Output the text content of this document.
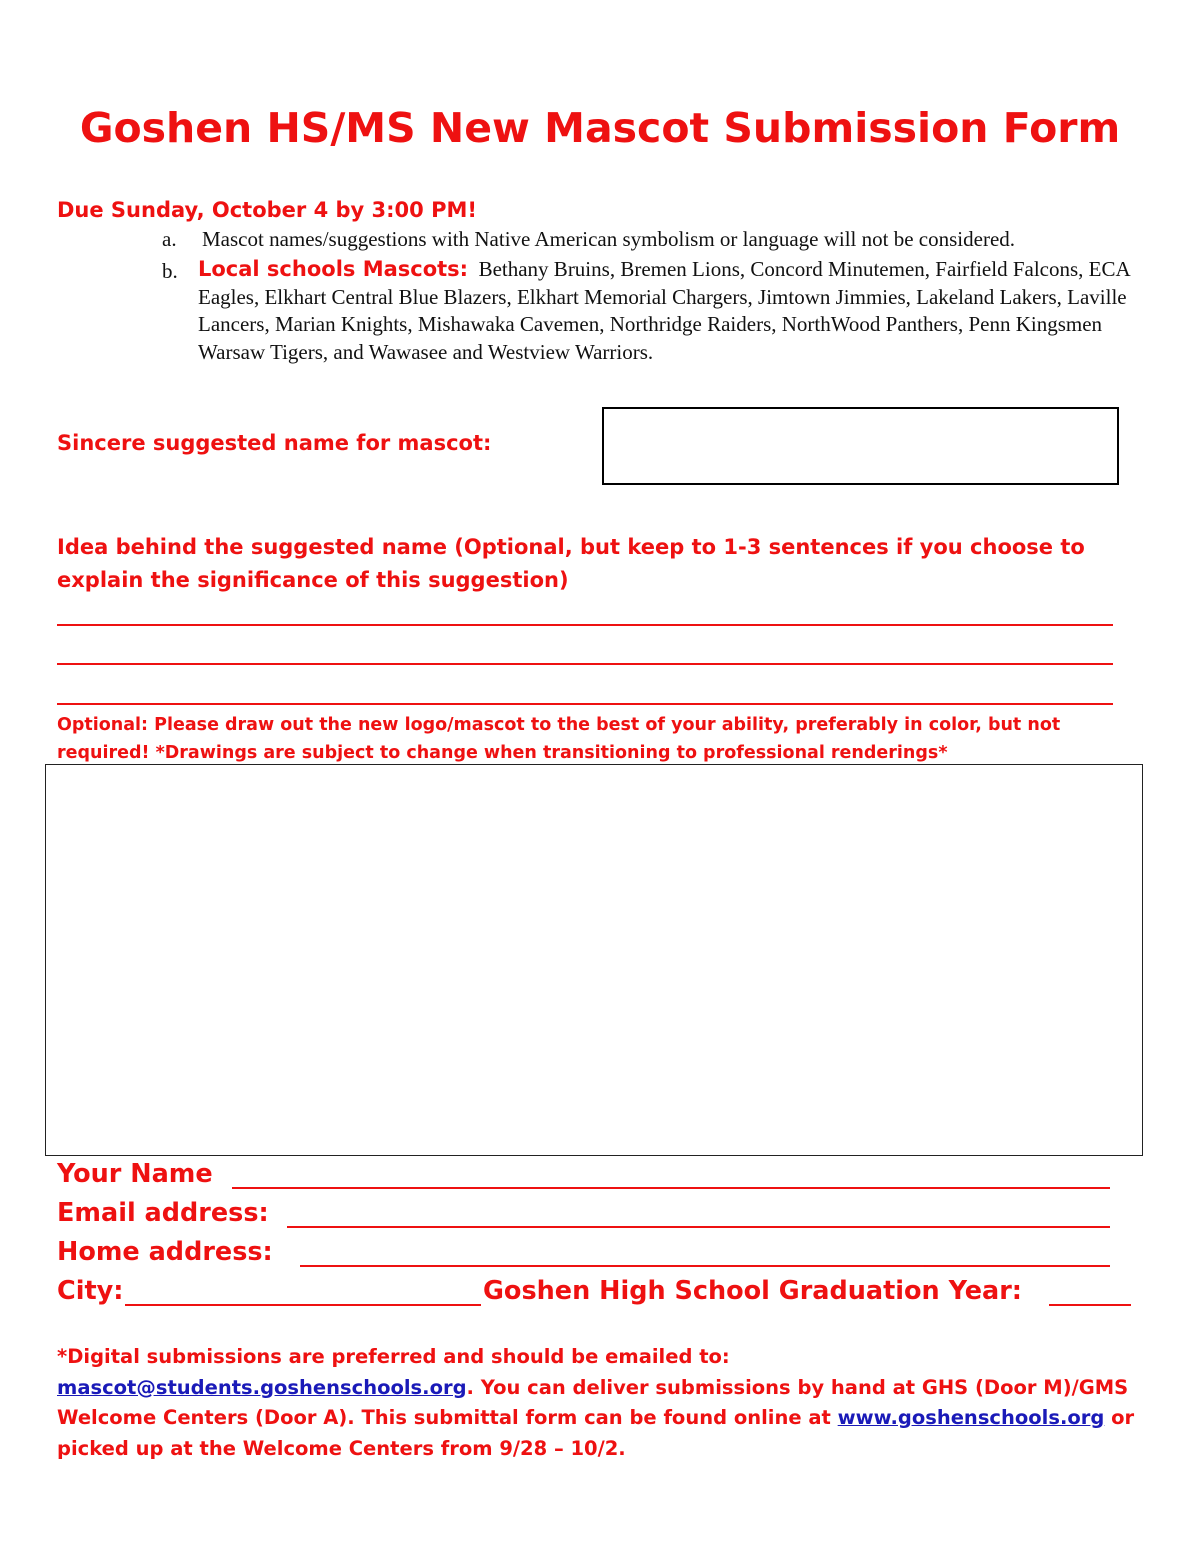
Goshen HS/MS New Mascot Submission Form
Due Sunday, October 4 by 3:00 PM!
a. Mascot names/suggestions with Native American symbolism or language will not be considered.
b. Local schools Mascots: Bethany Bruins, Bremen Lions, Concord Minutemen, Fairfield Falcons, ECA Eagles, Elkhart Central Blue Blazers, Elkhart Memorial Chargers, Jimtown Jimmies, Lakeland Lakers, Laville Lancers, Marian Knights, Mishawaka Cavemen, Northridge Raiders, NorthWood Panthers, Penn Kingsmen Warsaw Tigers, and Wawasee and Westview Warriors.
Sincere suggested name for mascot:
Idea behind the suggested name (Optional, but keep to 1-3 sentences if you choose to explain the significance of this suggestion)
Optional: Please draw out the new logo/mascot to the best of your ability, preferably in color, but not required! *Drawings are subject to change when transitioning to professional renderings*
Your Name
Email address:
Home address:
City:	Goshen High School Graduation Year:
*Digital submissions are preferred and should be emailed to:
mascot@students.goshenschools.org. You can deliver submissions by hand at GHS (Door M)/GMS Welcome Centers (Door A). This submittal form can be found online at www.goshenschools.org or picked up at the Welcome Centers from 9/28 – 10/2.
